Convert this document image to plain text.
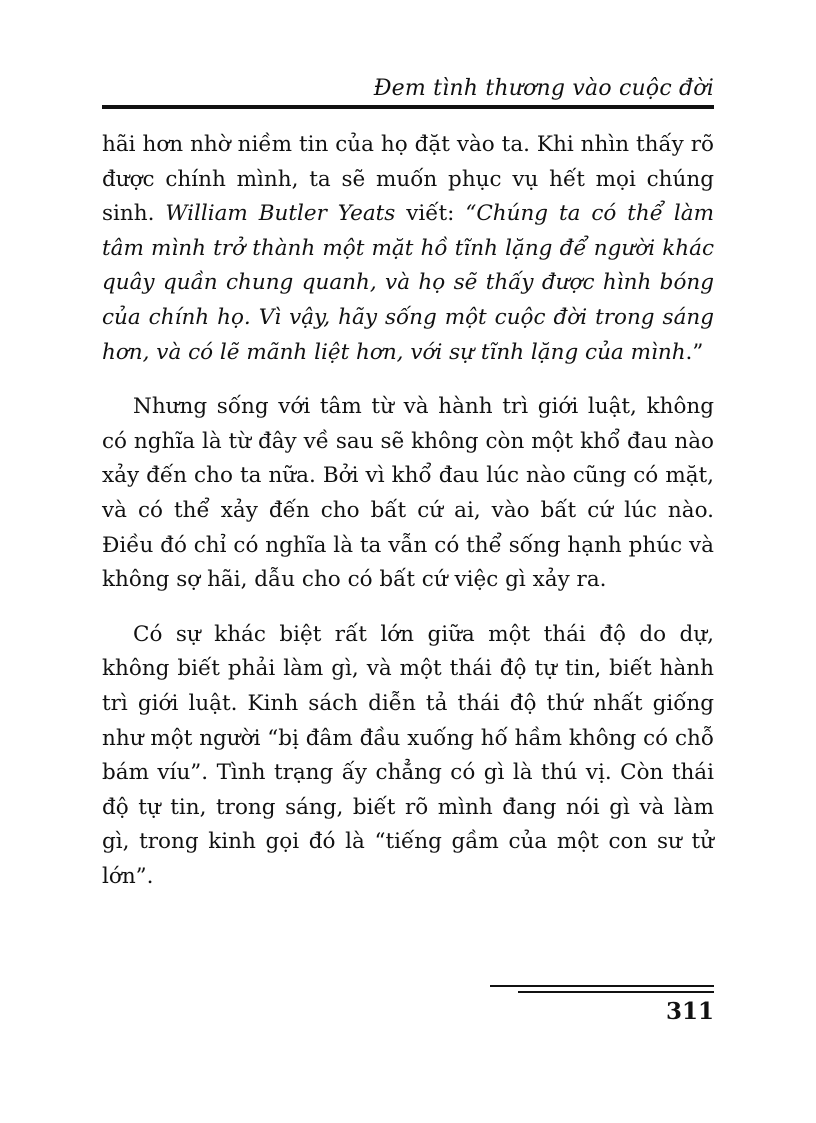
Đem tình thương vào cuộc đời

hãi hơn nhờ niềm tin của họ đặt vào ta. Khi nhìn thấy rõ được chính mình, ta sẽ muốn phục vụ hết mọi chúng sinh. William Butler Yeats viết: “Chúng ta có thể làm tâm mình trở thành một mặt hồ tĩnh lặng để người khác quây quần chung quanh, và họ sẽ thấy được hình bóng của chính họ. Vì vậy, hãy sống một cuộc đời trong sáng hơn, và có lẽ mãnh liệt hơn, với sự tĩnh lặng của mình.”

Nhưng sống với tâm từ và hành trì giới luật, không có nghĩa là từ đây về sau sẽ không còn một khổ đau nào xảy đến cho ta nữa. Bởi vì khổ đau lúc nào cũng có mặt, và có thể xảy đến cho bất cứ ai, vào bất cứ lúc nào. Điều đó chỉ có nghĩa là ta vẫn có thể sống hạnh phúc và không sợ hãi, dẫu cho có bất cứ việc gì xảy ra.

Có sự khác biệt rất lớn giữa một thái độ do dự, không biết phải làm gì, và một thái độ tự tin, biết hành trì giới luật. Kinh sách diễn tả thái độ thứ nhất giống như một người “bị đâm đầu xuống hố hầm không có chỗ bám víu”. Tình trạng ấy chẳng có gì là thú vị. Còn thái độ tự tin, trong sáng, biết rõ mình đang nói gì và làm gì, trong kinh gọi đó là “tiếng gầm của một con sư tử lớn”.

311
